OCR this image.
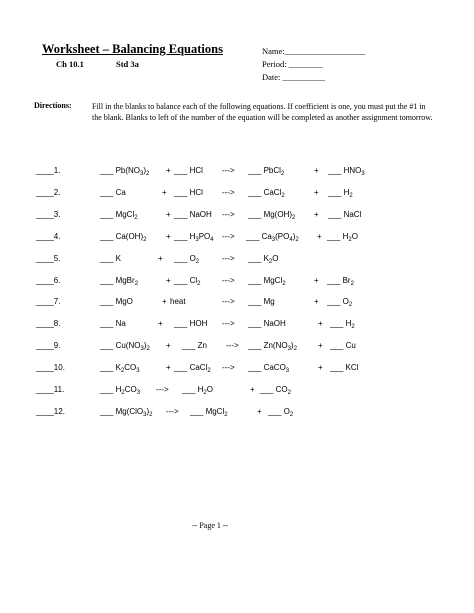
Worksheet – Balancing Equations
Ch 10.1	Std 3a
Name:___________________
Period: ________
Date: __________
Directions:	Fill in the blanks to balance each of the following equations. If coefficient is one, you must put the #1 in the blank. Blanks to left of the number of the equation will be completed as another assignment tomorrow.
____1.	___ $Pb(NO_3)_2$ + ___ HCl ---> ___ PbCl$_2$	+ ___ $HNO_3$
____2.	___ Ca	+ ___ HCl ---> ___ CaCl$_2$	+ ___ $H_2$
____3.	___ MgCl$_2$	+ ___ NaOH ---> ___ $Mg(OH)_2$ + ___ NaCl
____4.	___ $Ca(OH)_2$ + ___ $H_3PO_4$ ---> ___ $Ca_3(PO_4)_2$ + ___ $H_2O$
____5.	___ K	+ ___ $O_2$	---> ___ $K_2O$
____6.	___ MgBr$_2$	+ ___ $Cl_2$	---> ___ MgCl$_2$	+ ___ $Br_2$
____7.	___ MgO	+ heat	---> ___ Mg	+ ___ $O_2$
____8.	___ Na	+ ___ HOH ---> ___ NaOH	+ ___ $H_2$
____9.	___ $Cu(NO_3)_2$ + ___ Zn ---> ___ $Zn(NO_3)_2$	+ ___ Cu
____10.	___ $K_2CO_3$	+ ___ CaCl$_2$ ---> ___ CaCO$_3$	+ ___ KCl
____11.	___ $H_2CO_3$ ---> ___ $H_2O$	+ ___ $CO_2$
____12.	___ $Mg(ClO_3)_2$ ---> ___ MgCl$_2$	+ ___ $O_2$
-- Page 1 --
